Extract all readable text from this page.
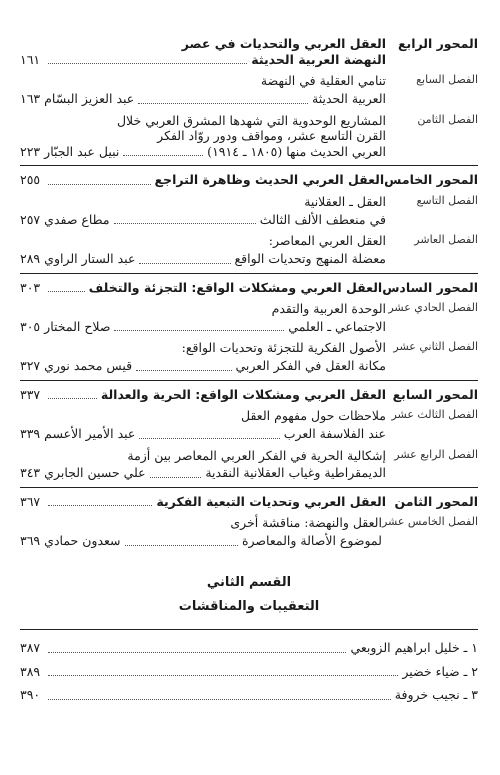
المحور الرابع
العقل العربي والتحديات في عصر
النهضة العربية الحديثة
١٦١
الفصل السابع
تنامي العقلية في النهضة
العربية الحديثة
عبد العزيز البسّام
١٦٣
الفصل الثامن
المشاريع الوحدوية التي شهدها المشرق العربي خلال
القرن التاسع عشر، ومواقف ودور روّاد الفكر
العربي الحديث منها (١٨٠٥ ـ ١٩١٤)
نبيل عبد الجبّار
٢٢٣
المحور الخامس
العقل العربي الحديث وظاهرة التراجع
٢٥٥
الفصل التاسع
العقل ـ العقلانية
في منعطف الألف الثالث
مطاع صفدي
٢٥٧
الفصل العاشر
العقل العربي المعاصر:
معضلة المنهج وتحديات الواقع
عبد الستار الراوي
٢٨٩
المحور السادس
العقل العربي ومشكلات الواقع: التجزئة والتخلف
٣٠٣
الفصل الحادي عشر
الوحدة العربية والتقدم
الاجتماعي ـ العلمي
صلاح المختار
٣٠٥
الفصل الثاني عشر
الأصول الفكرية للتجزئة وتحديات الواقع:
مكانة العقل في الفكر العربي
قيس محمد نوري
٣٢٧
المحور السابع
العقل العربي ومشكلات الواقع: الحرية والعدالة
٣٣٧
الفصل الثالث عشر
ملاحظات حول مفهوم العقل
عند الفلاسفة العرب
عبد الأمير الأعسم
٣٣٩
الفصل الرابع عشر
إشكالية الحرية في الفكر العربي المعاصر بين أزمة
الديمقراطية وغياب العقلانية النقدية
علي حسين الجابري
٣٤٣
المحور الثامن
العقل العربي وتحديات التبعية الفكرية
٣٦٧
الفصل الخامس عشر
العقل والنهضة: مناقشة أخرى
لموضوع الأصالة والمعاصرة
سعدون حمادي
٣٦٩
القسم الثاني
التعقيبات والمناقشات
١ ـ خليل ابراهيم الزوبعي
٣٨٧
٢ ـ ضياء خضير
٣٨٩
٣ ـ نجيب خروفة
٣٩٠
